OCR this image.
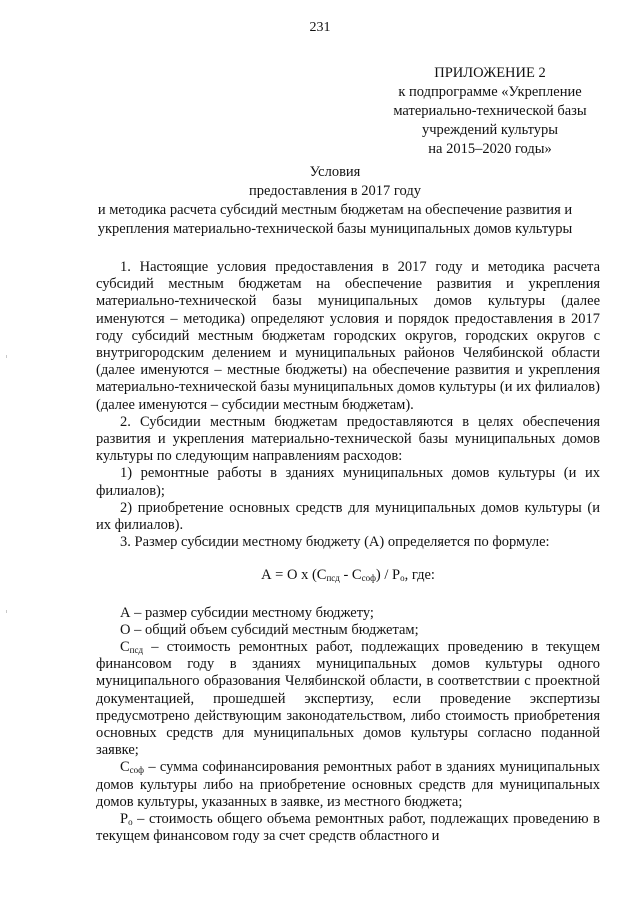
231
ПРИЛОЖЕНИЕ 2
к подпрограмме «Укрепление
материально-технической базы
учреждений культуры
на 2015–2020 годы»
Условия
предоставления в 2017 году
и методика расчета субсидий местным бюджетам на обеспечение развития и
укрепления материально-технической базы муниципальных домов культуры

1. Настоящие условия предоставления в 2017 году и методика расчета субсидий местным бюджетам на обеспечение развития и укрепления материально-технической базы муниципальных домов культуры (далее именуются – методика) определяют условия и порядок предоставления в 2017 году субсидий местным бюджетам городских округов, городских округов с внутригородским делением и муниципальных районов Челябинской области (далее именуются – местные бюджеты) на обеспечение развития и укрепления материально-технической базы муниципальных домов культуры (и их филиалов) (далее именуются – субсидии местным бюджетам).

2. Субсидии местным бюджетам предоставляются в целях обеспечения развития и укрепления материально-технической базы муниципальных домов культуры по следующим направлениям расходов:

1) ремонтные работы в зданиях муниципальных домов культуры (и их филиалов);

2) приобретение основных средств для муниципальных домов культуры (и их филиалов).

3. Размер субсидии местному бюджету (А) определяется по формуле:

А = О х $(С_{псд} - С_{соф}) / Р_о$, где:

А – размер субсидии местному бюджету;

О – общий объем субсидий местным бюджетам;

$С_{псд}$ – стоимость ремонтных работ, подлежащих проведению в текущем финансовом году в зданиях муниципальных домов культуры одного муниципального образования Челябинской области, в соответствии с проектной документацией, прошедшей экспертизу, если проведение экспертизы предусмотрено действующим законодательством, либо стоимость приобретения основных средств для муниципальных домов культуры согласно поданной заявке;

$С_{соф}$ – сумма софинансирования ремонтных работ в зданиях муниципальных домов культуры либо на приобретение основных средств для муниципальных домов культуры, указанных в заявке, из местного бюджета;

$Р_о$ – стоимость общего объема ремонтных работ, подлежащих проведению в текущем финансовом году за счет средств областного и
